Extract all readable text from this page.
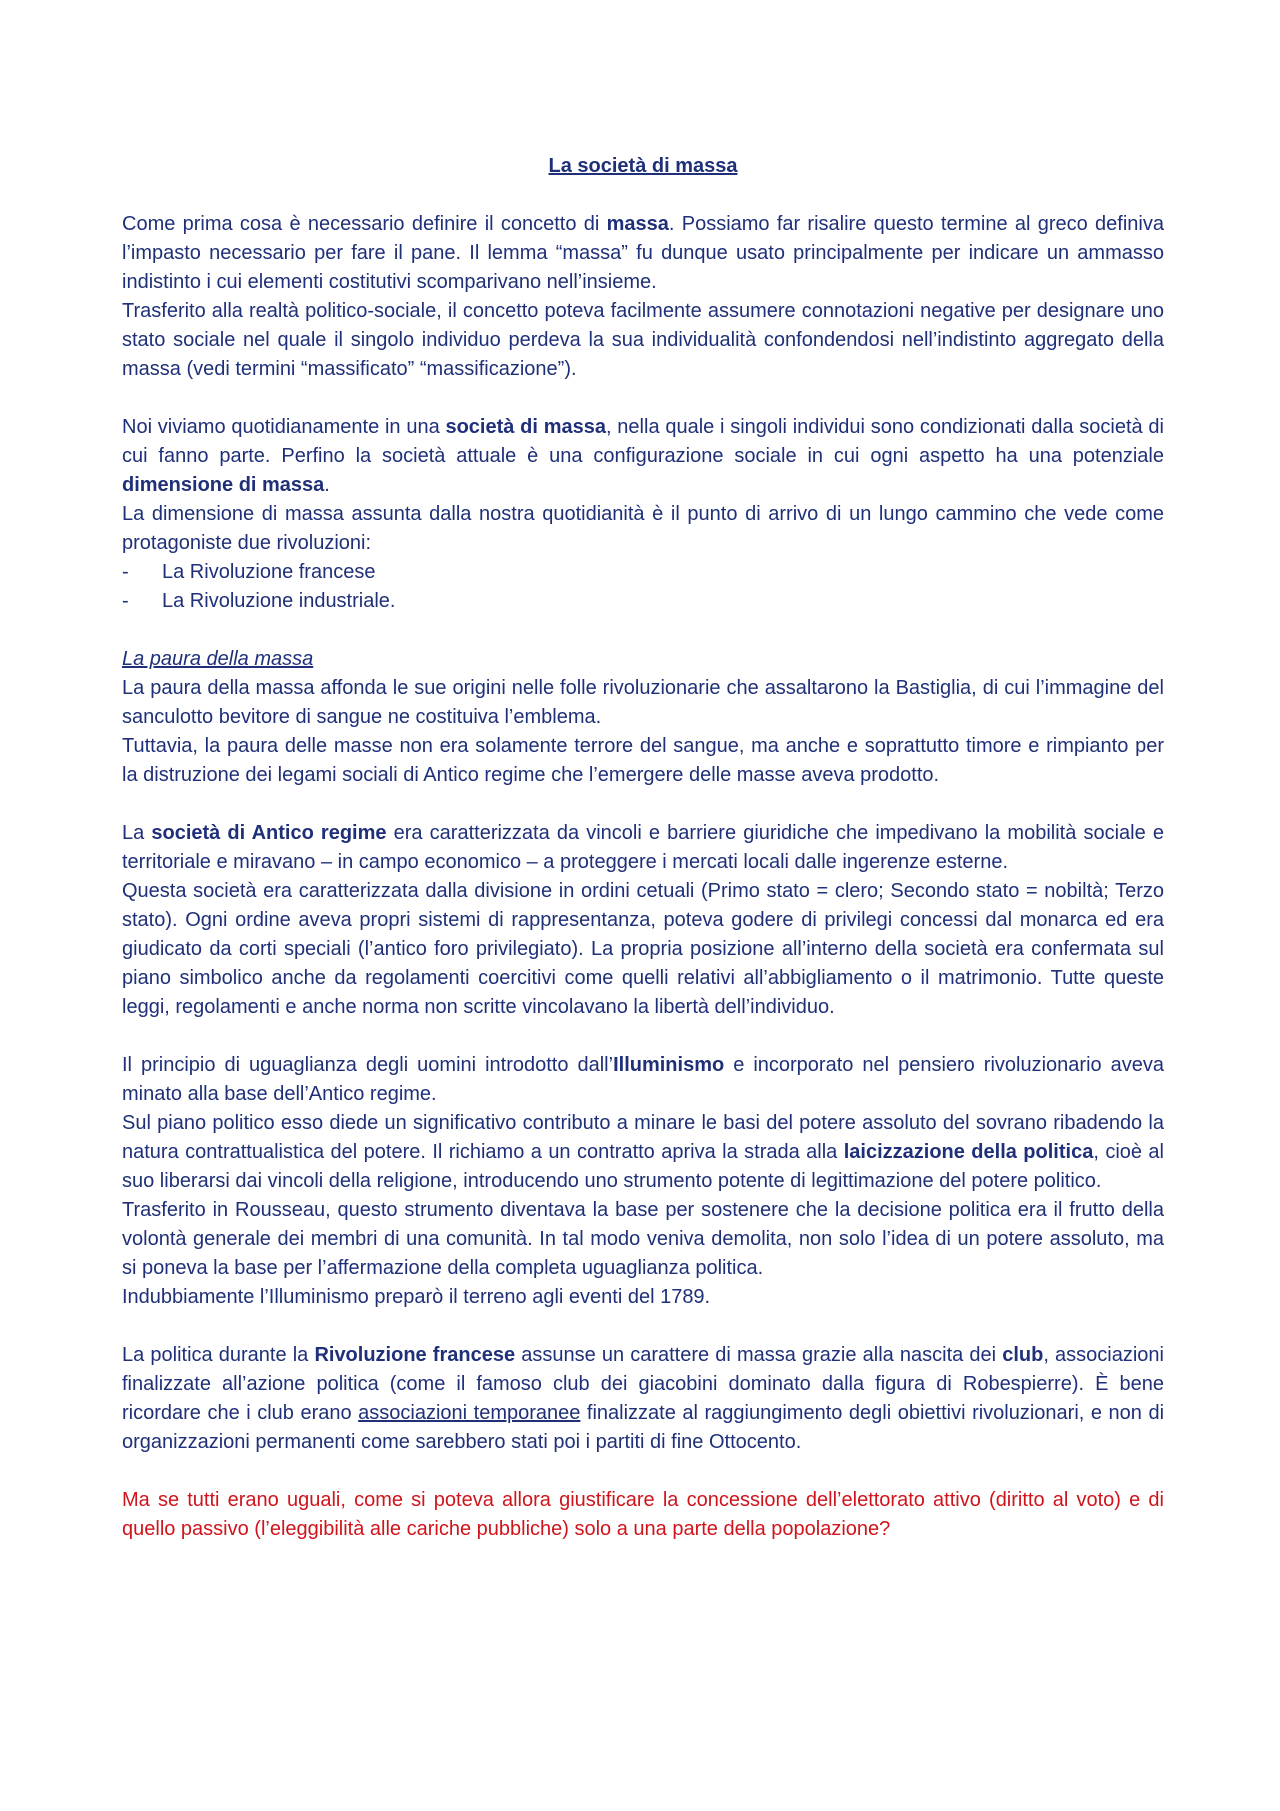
La società di massa

Come prima cosa è necessario definire il concetto di massa. Possiamo far risalire questo termine al greco definiva l’impasto necessario per fare il pane. Il lemma “massa” fu dunque usato principalmente per indicare un ammasso indistinto i cui elementi costitutivi scomparivano nell’insieme.

Trasferito alla realtà politico-sociale, il concetto poteva facilmente assumere connotazioni negative per designare uno stato sociale nel quale il singolo individuo perdeva la sua individualità confondendosi nell’indistinto aggregato della massa (vedi termini “massificato” “massificazione”).

Noi viviamo quotidianamente in una società di massa, nella quale i singoli individui sono condizionati dalla società di cui fanno parte. Perfino la società attuale è una configurazione sociale in cui ogni aspetto ha una potenziale dimensione di massa.

La dimensione di massa assunta dalla nostra quotidianità è il punto di arrivo di un lungo cammino che vede come protagoniste due rivoluzioni:

-	La Rivoluzione francese
-	La Rivoluzione industriale.
La paura della massa

La paura della massa affonda le sue origini nelle folle rivoluzionarie che assaltarono la Bastiglia, di cui l’immagine del sanculotto bevitore di sangue ne costituiva l’emblema.

Tuttavia, la paura delle masse non era solamente terrore del sangue, ma anche e soprattutto timore e rimpianto per la distruzione dei legami sociali di Antico regime che l’emergere delle masse aveva prodotto.

La società di Antico regime era caratterizzata da vincoli e barriere giuridiche che impedivano la mobilità sociale e territoriale e miravano – in campo economico – a proteggere i mercati locali dalle ingerenze esterne.

Questa società era caratterizzata dalla divisione in ordini cetuali (Primo stato = clero; Secondo stato = nobiltà; Terzo stato). Ogni ordine aveva propri sistemi di rappresentanza, poteva godere di privilegi concessi dal monarca ed era giudicato da corti speciali (l’antico foro privilegiato). La propria posizione all’interno della società era confermata sul piano simbolico anche da regolamenti coercitivi come quelli relativi all’abbigliamento o il matrimonio. Tutte queste leggi, regolamenti e anche norma non scritte vincolavano la libertà dell’individuo.

Il principio di uguaglianza degli uomini introdotto dall’Illuminismo e incorporato nel pensiero rivoluzionario aveva minato alla base dell’Antico regime.

Sul piano politico esso diede un significativo contributo a minare le basi del potere assoluto del sovrano ribadendo la natura contrattualistica del potere. Il richiamo a un contratto apriva la strada alla laicizzazione della politica, cioè al suo liberarsi dai vincoli della religione, introducendo uno strumento potente di legittimazione del potere politico.

Trasferito in Rousseau, questo strumento diventava la base per sostenere che la decisione politica era il frutto della volontà generale dei membri di una comunità. In tal modo veniva demolita, non solo l’idea di un potere assoluto, ma si poneva la base per l’affermazione della completa uguaglianza politica.

Indubbiamente l’Illuminismo preparò il terreno agli eventi del 1789.

La politica durante la Rivoluzione francese assunse un carattere di massa grazie alla nascita dei club, associazioni finalizzate all’azione politica (come il famoso club dei giacobini dominato dalla figura di Robespierre). È bene ricordare che i club erano associazioni temporanee finalizzate al raggiungimento degli obiettivi rivoluzionari, e non di organizzazioni permanenti come sarebbero stati poi i partiti di fine Ottocento.

Ma se tutti erano uguali, come si poteva allora giustificare la concessione dell’elettorato attivo (diritto al voto) e di quello passivo (l’eleggibilità alle cariche pubbliche) solo a una parte della popolazione?
